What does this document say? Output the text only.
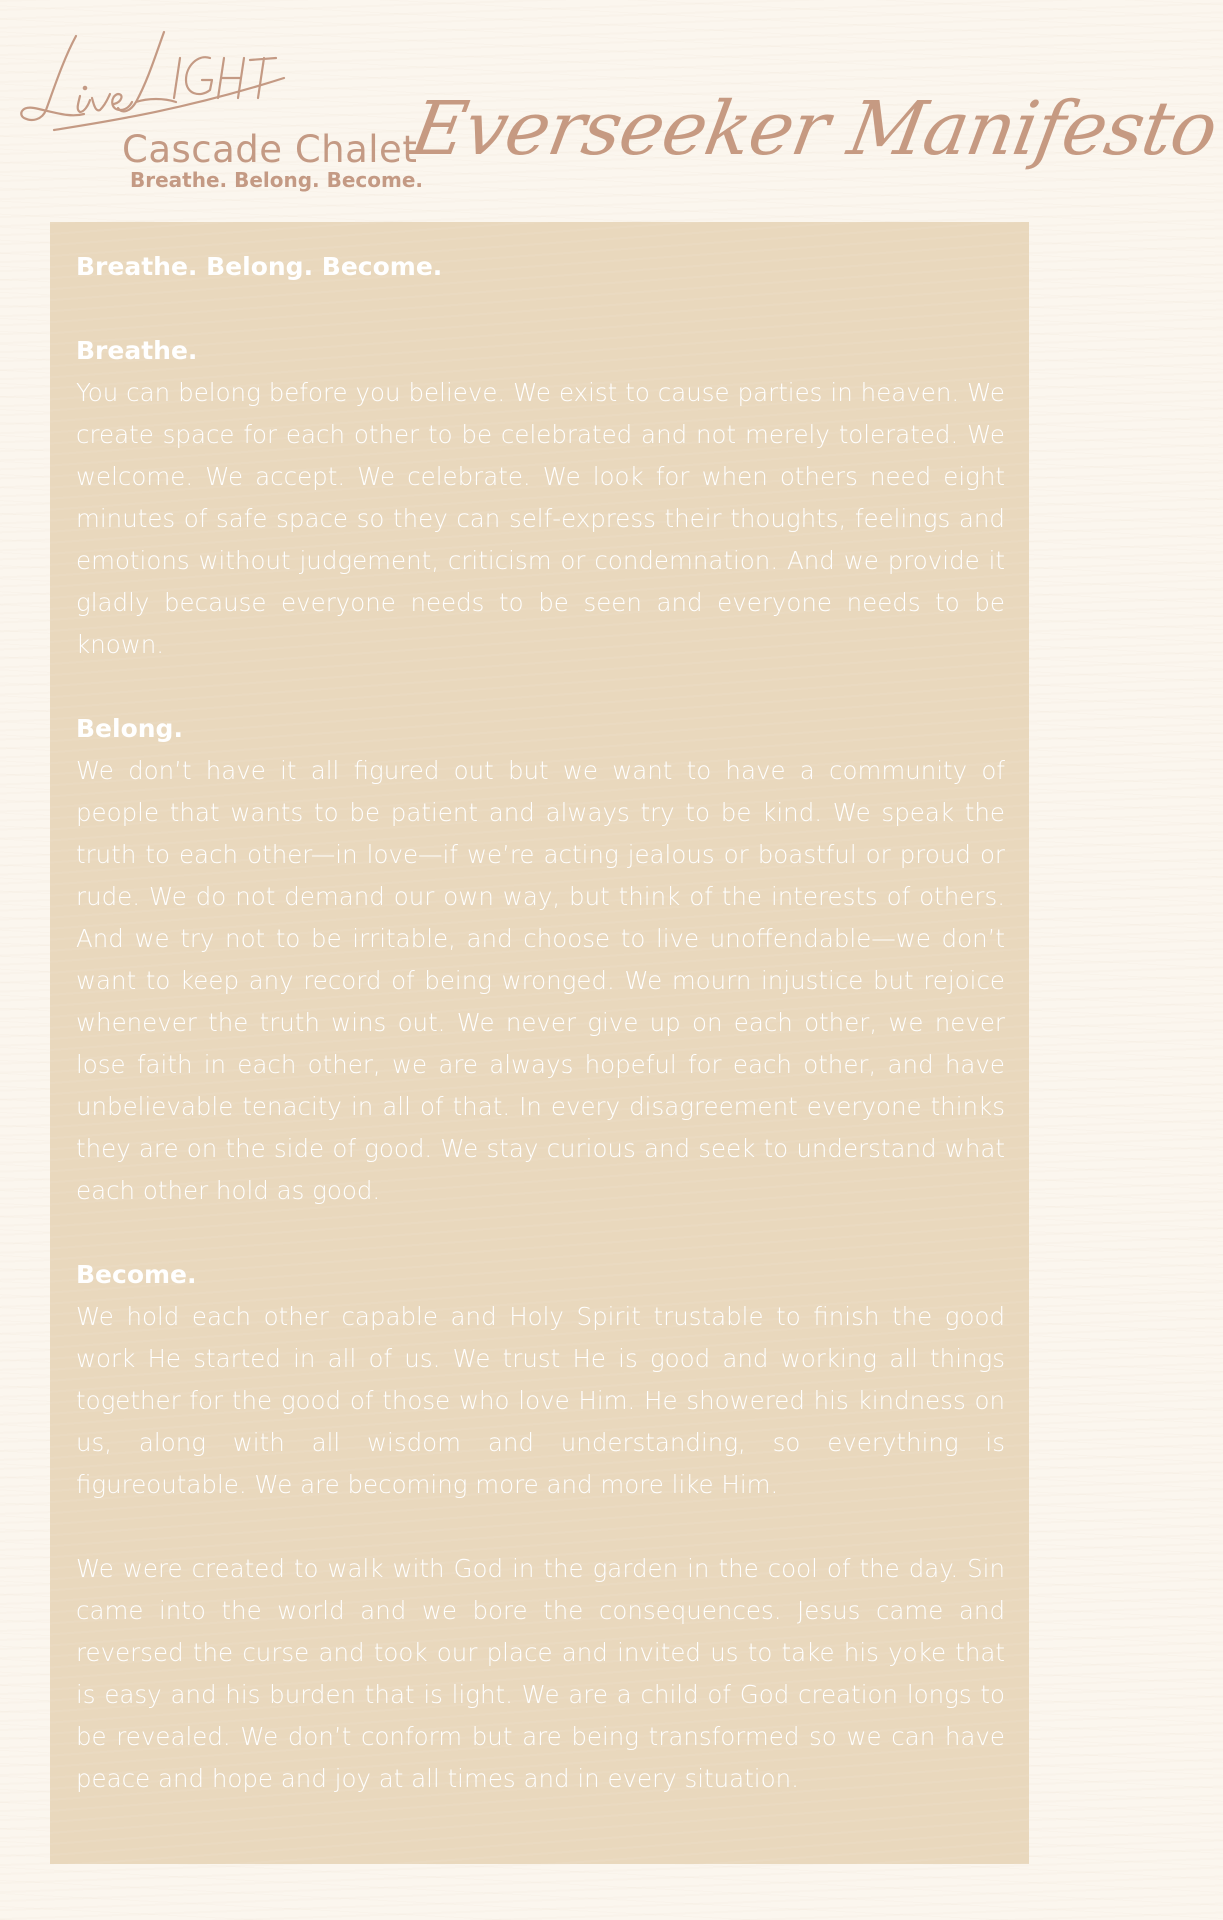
Cascade Chalet
Breathe. Belong. Become.
Everseeker Manifesto
Breathe. Belong. Become.
Breathe.

You can belong before you believe. We exist to cause parties in heaven. We create space for each other to be celebrated and not merely tolerated. We welcome. We accept. We celebrate. We look for when others need eight minutes of safe space so they can self-express their thoughts, feelings and emotions without judgement, criticism or condemnation. And we provide it gladly because everyone needs to be seen and everyone needs to be known.

Belong.

We don’t have it all figured out but we want to have a community of people that wants to be patient and always try to be kind. We speak the truth to each other—in love—if we’re acting jealous or boastful or proud or rude. We do not demand our own way, but think of the interests of others. And we try not to be irritable, and choose to live unoffendable—we don’t want to keep any record of being wronged. We mourn injustice but rejoice whenever the truth wins out. We never give up on each other, we never lose faith in each other, we are always hopeful for each other, and have unbelievable tenacity in all of that. In every disagreement everyone thinks they are on the side of good. We stay curious and seek to understand what each other hold as good.

Become.

We hold each other capable and Holy Spirit trustable to finish the good work He started in all of us. We trust He is good and working all things together for the good of those who love Him. He showered his kindness on us, along with all wisdom and understanding, so everything is figureoutable. We are becoming more and more like Him.

We were created to walk with God in the garden in the cool of the day. Sin came into the world and we bore the consequences. Jesus came and reversed the curse and took our place and invited us to take his yoke that is easy and his burden that is light. We are a child of God creation longs to be revealed. We don’t conform but are being transformed so we can have peace and hope and joy at all times and in every situation.
